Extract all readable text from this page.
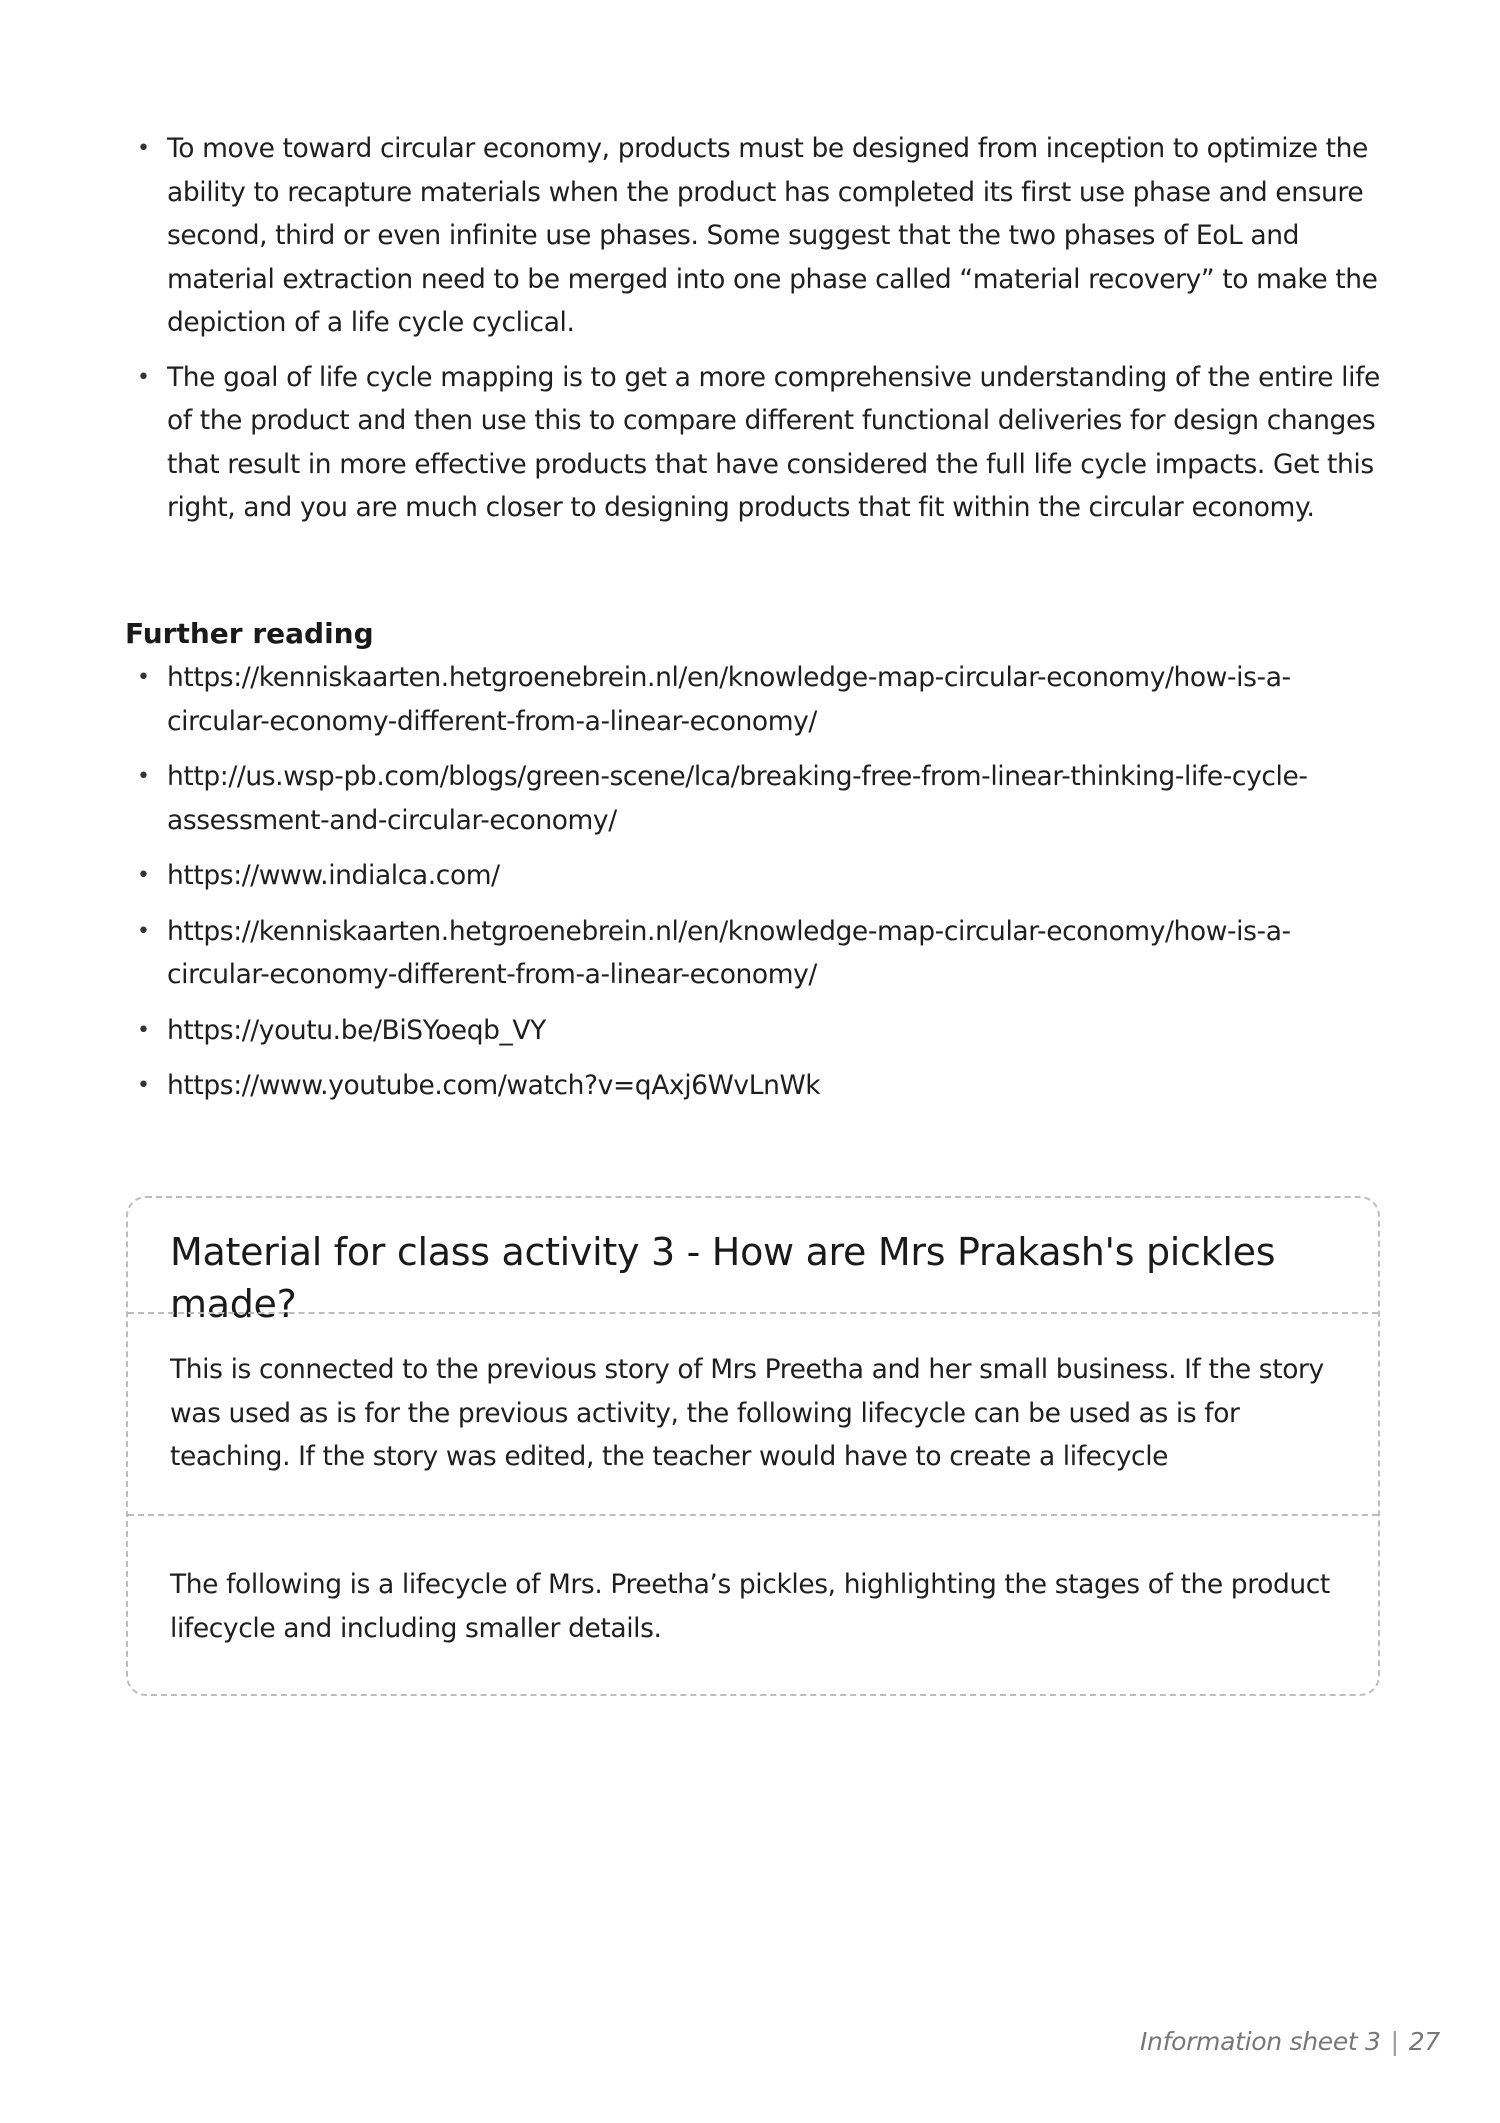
• To move toward circular economy, products must be designed from inception to optimize the ability to recapture materials when the product has completed its first use phase and ensure second, third or even infinite use phases. Some suggest that the two phases of EoL and material extraction need to be merged into one phase called “material recovery” to make the depiction of a life cycle cyclical.
• The goal of life cycle mapping is to get a more comprehensive understanding of the entire life of the product and then use this to compare different functional deliveries for design changes that result in more effective products that have considered the full life cycle impacts. Get this right, and you are much closer to designing products that fit within the circular economy.
Further reading
• https://kenniskaarten.hetgroenebrein.nl/en/knowledge-map-circular-economy/how-is-a-circular-economy-different-from-a-linear-economy/
• http://us.wsp-pb.com/blogs/green-scene/lca/breaking-free-from-linear-thinking-life-cycle-assessment-and-circular-economy/
• https://www.indialca.com/
• https://kenniskaarten.hetgroenebrein.nl/en/knowledge-map-circular-economy/how-is-a-circular-economy-different-from-a-linear-economy/
• https://youtu.be/BiSYoeqb_VY
• https://www.youtube.com/watch?v=qAxj6WvLnWk
Material for class activity 3 - How are Mrs Prakash's pickles made?

This is connected to the previous story of Mrs Preetha and her small business. If the story was used as is for the previous activity, the following lifecycle can be used as is for teaching. If the story was edited, the teacher would have to create a lifecycle

The following is a lifecycle of Mrs. Preetha’s pickles, highlighting the stages of the product lifecycle and including smaller details.

Information sheet 3 | 27
